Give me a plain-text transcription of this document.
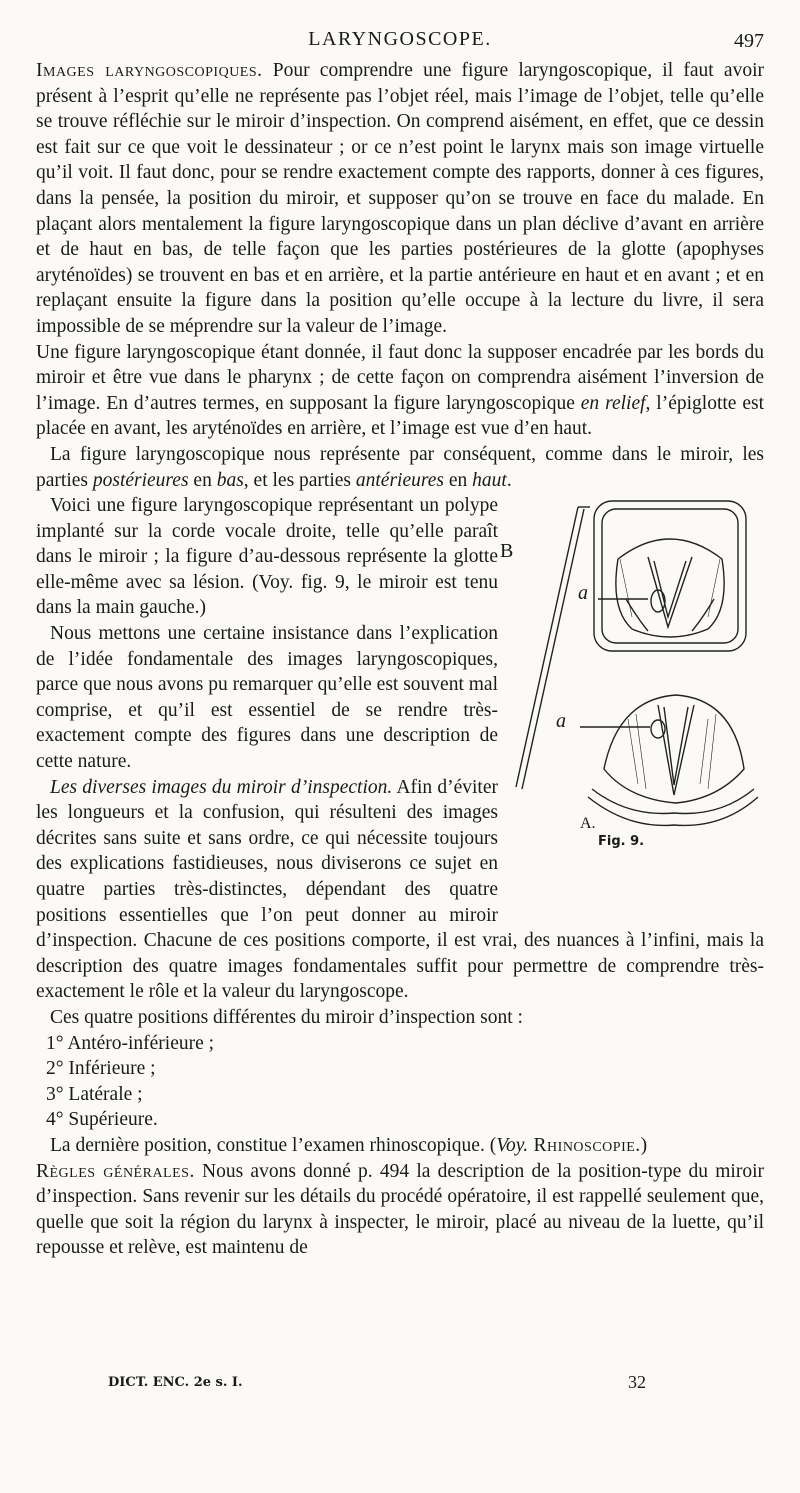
LARYNGOSCOPE.	497

Images laryngoscopiques. Pour comprendre une figure laryngoscopique, il faut avoir présent à l’esprit qu’elle ne représente pas l’objet réel, mais l’image de l’objet, telle qu’elle se trouve réfléchie sur le miroir d’inspection. On comprend aisément, en effet, que ce dessin est fait sur ce que voit le dessinateur ; or ce n’est point le larynx mais son image virtuelle qu’il voit. Il faut donc, pour se rendre exactement compte des rapports, donner à ces figures, dans la pensée, la position du miroir, et supposer qu’on se trouve en face du malade. En plaçant alors mentalement la figure laryngoscopique dans un plan déclive d’avant en arrière et de haut en bas, de telle façon que les parties postérieures de la glotte (apophyses aryténoïdes) se trouvent en bas et en arrière, et la partie antérieure en haut et en avant ; et en replaçant ensuite la figure dans la position qu’elle occupe à la lecture du livre, il sera impossible de se méprendre sur la valeur de l’image.

Une figure laryngoscopique étant donnée, il faut donc la supposer encadrée par les bords du miroir et être vue dans le pharynx ; de cette façon on comprendra aisément l’inversion de l’image. En d’autres termes, en supposant la figure laryngoscopique en relief, l’épiglotte est placée en avant, les aryténoïdes en arrière, et l’image est vue d’en haut.

La figure laryngoscopique nous représente par conséquent, comme dans le miroir, les parties postérieures en bas, et les parties antérieures en haut.

B
a
a
A.
Fig. 9.

Voici une figure laryngoscopique représentant un polype implanté sur la corde vocale droite, telle qu’elle paraît dans le miroir ; la figure d’au-dessous représente la glotte elle-même avec sa lésion. (Voy. fig. 9, le miroir est tenu dans la main gauche.)

Nous mettons une certaine insistance dans l’explication de l’idée fondamentale des images laryngoscopiques, parce que nous avons pu remarquer qu’elle est souvent mal comprise, et qu’il est essentiel de se rendre très-exactement compte des figures dans une description de cette nature.

Les diverses images du miroir d’inspection. Afin d’éviter les longueurs et la confusion, qui résulteni des images décrites sans suite et sans ordre, ce qui nécessite toujours des explications fastidieuses, nous diviserons ce sujet en quatre parties très-distinctes, dépendant des quatre positions essentielles que l’on peut donner au miroir d’inspection. Chacune de ces positions comporte, il est vrai, des nuances à l’infini, mais la description des quatre images fondamentales suffit pour permettre de comprendre très-exactement le rôle et la valeur du laryngoscope.

Ces quatre positions différentes du miroir d’inspection sont :

1° Antéro-inférieure ;

2° Inférieure ;

3° Latérale ;

4° Supérieure.

La dernière position, constitue l’examen rhinoscopique. (Voy. Rhinoscopie.)

Règles générales. Nous avons donné p. 494 la description de la position-type du miroir d’inspection. Sans revenir sur les détails du procédé opératoire, il est rappellé seulement que, quelle que soit la région du larynx à inspecter, le miroir, placé au niveau de la luette, qu’il repousse et relève, est maintenu de

DICT. ENC. 2e s. I.	32
